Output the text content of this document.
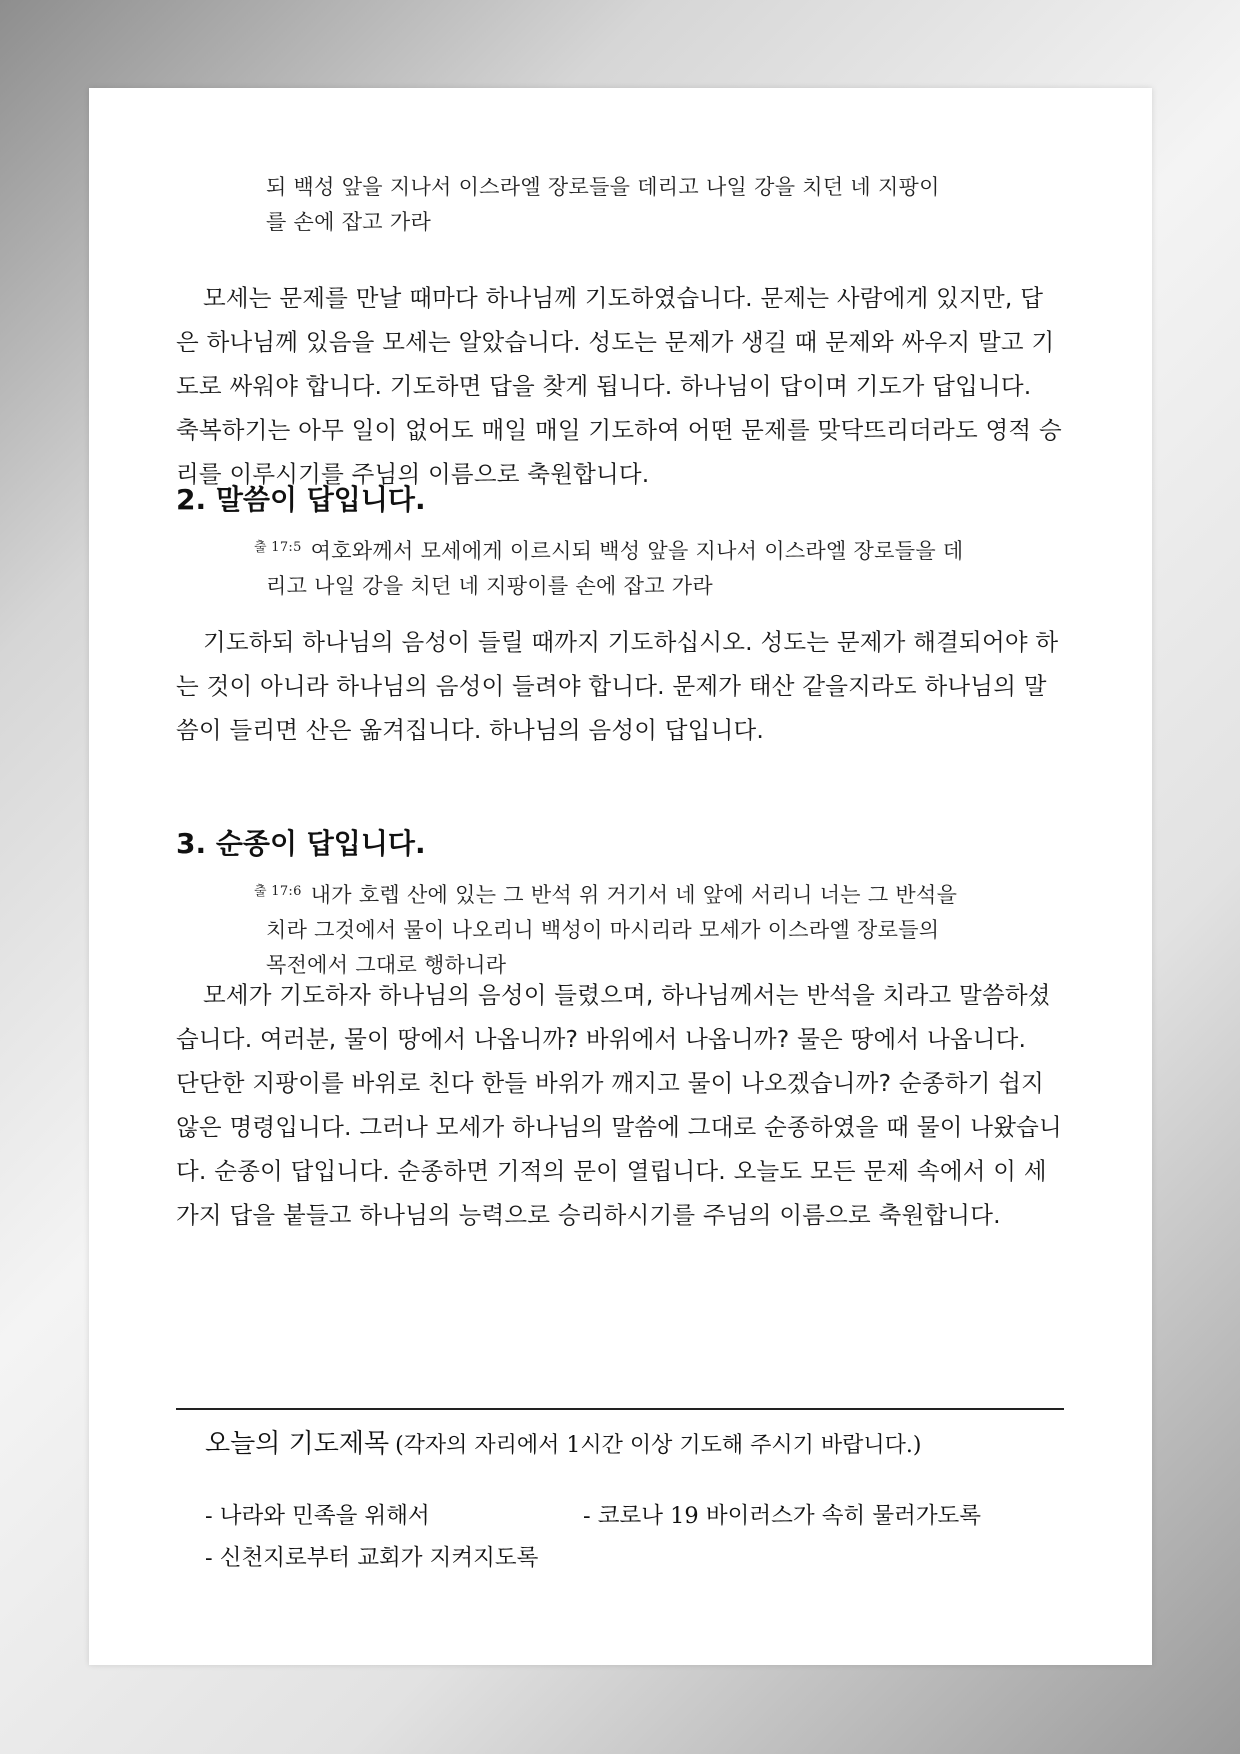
되 백성 앞을 지나서 이스라엘 장로들을 데리고 나일 강을 치던 네 지팡이
를 손에 잡고 가라
모세는 문제를 만날 때마다 하나님께 기도하였습니다. 문제는 사람에게 있지만, 답
은 하나님께 있음을 모세는 알았습니다. 성도는 문제가 생길 때 문제와 싸우지 말고 기
도로 싸워야 합니다. 기도하면 답을 찾게 됩니다. 하나님이 답이며 기도가 답입니다.
축복하기는 아무 일이 없어도 매일 매일 기도하여 어떤 문제를 맞닥뜨리더라도 영적 승
리를 이루시기를 주님의 이름으로 축원합니다.
2. 말씀이 답입니다.
$^{출 17:5}$ 여호와께서 모세에게 이르시되 백성 앞을 지나서 이스라엘 장로들을 데
리고 나일 강을 치던 네 지팡이를 손에 잡고 가라
기도하되 하나님의 음성이 들릴 때까지 기도하십시오. 성도는 문제가 해결되어야 하
는 것이 아니라 하나님의 음성이 들려야 합니다. 문제가 태산 같을지라도 하나님의 말
씀이 들리면 산은 옮겨집니다. 하나님의 음성이 답입니다.
3. 순종이 답입니다.
$^{출 17:6}$ 내가 호렙 산에 있는 그 반석 위 거기서 네 앞에 서리니 너는 그 반석을
치라 그것에서 물이 나오리니 백성이 마시리라 모세가 이스라엘 장로들의
목전에서 그대로 행하니라
모세가 기도하자 하나님의 음성이 들렸으며, 하나님께서는 반석을 치라고 말씀하셨
습니다. 여러분, 물이 땅에서 나옵니까? 바위에서 나옵니까? 물은 땅에서 나옵니다.
단단한 지팡이를 바위로 친다 한들 바위가 깨지고 물이 나오겠습니까? 순종하기 쉽지
않은 명령입니다. 그러나 모세가 하나님의 말씀에 그대로 순종하였을 때 물이 나왔습니
다. 순종이 답입니다. 순종하면 기적의 문이 열립니다. 오늘도 모든 문제 속에서 이 세
가지 답을 붙들고 하나님의 능력으로 승리하시기를 주님의 이름으로 축원합니다.
오늘의 기도제목 (각자의 자리에서 1시간 이상 기도해 주시기 바랍니다.)
- 나라와 민족을 위해서	- 코로나 19 바이러스가 속히 물러가도록
- 신천지로부터 교회가 지켜지도록
